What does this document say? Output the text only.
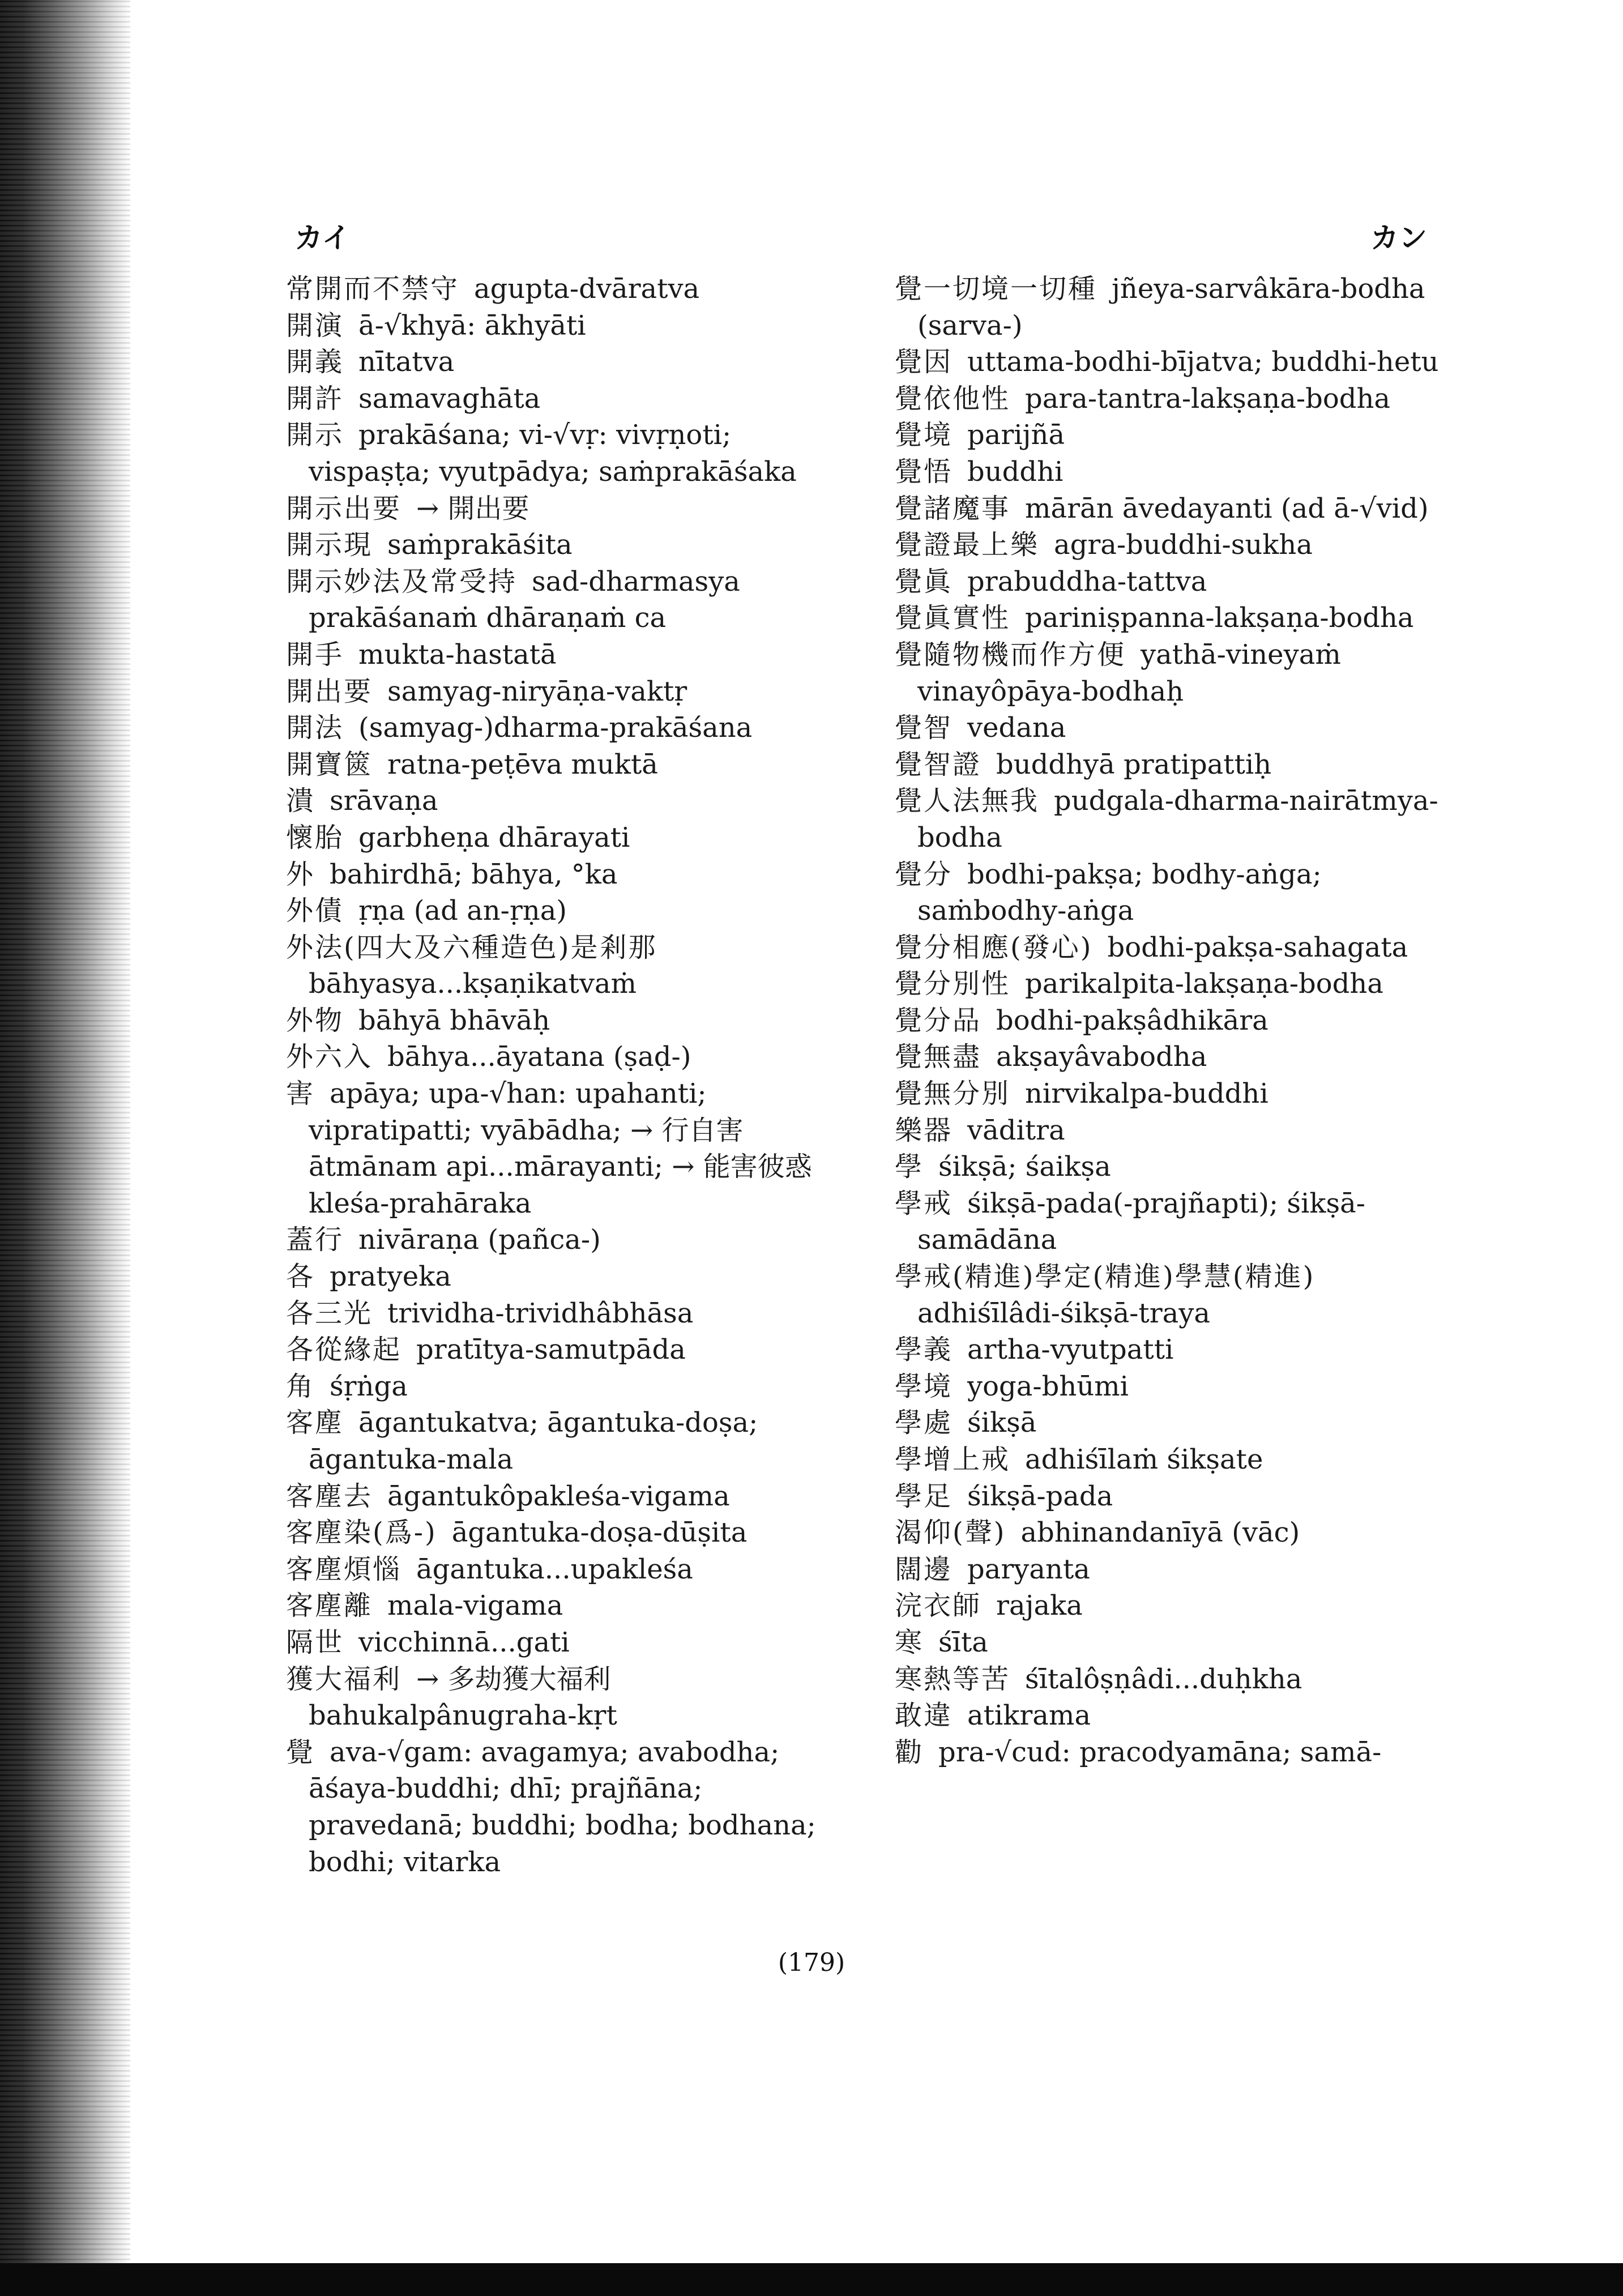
カイ	カン

常開而不禁守 agupta-dvāratva

開演 ā-√khyā: ākhyāti

開義 nītatva

開許 samavaghāta

開示 prakāśana; vi-√vṛ: vivṛṇoti; vispaṣṭa; vyutpādya; saṁprakāśaka

開示出要 → 開出要

開示現 saṁprakāśita

開示妙法及常受持 sad-dharmasya prakāśanaṁ dhāraṇaṁ ca

開手 mukta-hastatā

開出要 samyag-niryāṇa-vaktṛ

開法 (samyag-)dharma-prakāśana

開寶篋 ratna-peṭēva muktā

潰 srāvaṇa

懷胎 garbheṇa dhārayati

外 bahirdhā; bāhya, °ka

外債 ṛṇa (ad an-ṛṇa)

外法(四大及六種造色)是剎那bāhyasya...kṣaṇikatvaṁ

外物 bāhyā bhāvāḥ

外六入 bāhya...āyatana (ṣaḍ-)

害 apāya; upa-√han: upahanti; vipratipatti; vyābādha; → 行自害 ātmānam api...mārayanti; → 能害彼惑 kleśa-prahāraka

蓋行 nivāraṇa (pañca-)

各 pratyeka

各三光 trividha-trividhâbhāsa

各從緣起 pratītya-samutpāda

角 śṛṅga

客塵 āgantukatva; āgantuka-doṣa; āgantuka-mala

客塵去 āgantukôpakleśa-vigama

客塵染(爲-) āgantuka-doṣa-dūṣita

客塵煩惱 āgantuka...upakleśa

客塵離 mala-vigama

隔世 vicchinnā...gati

獲大福利 → 多劫獲大福利 bahukalpânugraha-kṛt

覺 ava-√gam: avagamya; avabodha; āśaya-buddhi; dhī; prajñāna; pravedanā; buddhi; bodha; bodhana; bodhi; vitarka

覺一切境一切種 jñeya-sarvâkāra-bodha (sarva-)

覺因 uttama-bodhi-bījatva; buddhi-hetu

覺依他性 para-tantra-lakṣaṇa-bodha

覺境 parijñā

覺悟 buddhi

覺諸魔事 mārān āvedayanti (ad ā-√vid)

覺證最上樂 agra-buddhi-sukha

覺眞 prabuddha-tattva

覺眞實性 pariniṣpanna-lakṣaṇa-bodha

覺隨物機而作方便 yathā-vineyaṁ vinayôpāya-bodhaḥ

覺智 vedana

覺智證 buddhyā pratipattiḥ

覺人法無我 pudgala-dharma-nairātmya-bodha

覺分 bodhi-pakṣa; bodhy-aṅga; saṁbodhy-aṅga

覺分相應(發心) bodhi-pakṣa-sahagata

覺分別性 parikalpita-lakṣaṇa-bodha

覺分品 bodhi-pakṣâdhikāra

覺無盡 akṣayâvabodha

覺無分別 nirvikalpa-buddhi

樂器 vāditra

學 śikṣā; śaikṣa

學戒 śikṣā-pada(-prajñapti); śikṣā-samādāna

學戒(精進)學定(精進)學慧(精進)adhiśīlâdi-śikṣā-traya

學義 artha-vyutpatti

學境 yoga-bhūmi

學處 śikṣā

學增上戒 adhiśīlaṁ śikṣate

學足 śikṣā-pada

渴仰(聲) abhinandanīyā (vāc)

闊邊 paryanta

浣衣師 rajaka

寒 śīta

寒熱等苦 śītalôṣṇâdi...duḥkha

敢違 atikrama

勸 pra-√cud: pracodyamāna; samā-

(179)
